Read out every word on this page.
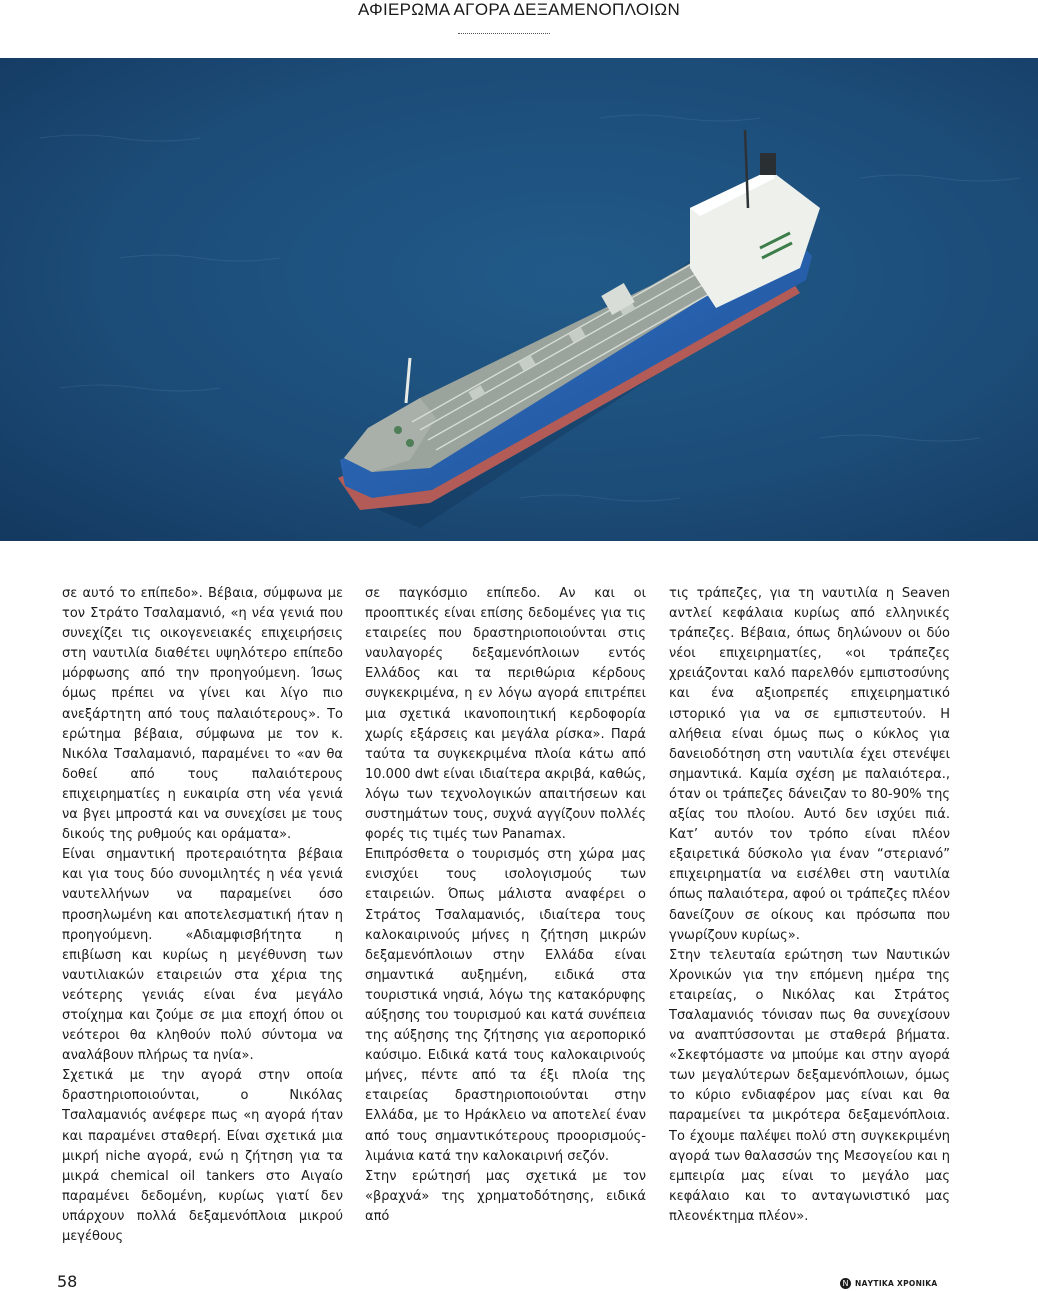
ΑΦΙΕΡΩΜΑ ΑΓΟΡΑ ΔΕΞΑΜΕΝΟΠΛΟΙΩΝ

σε αυτό το επίπεδο». Βέβαια, σύμφωνα με τον Στράτο Τσαλαμανιό, «η νέα γενιά που συνεχίζει τις οικογενειακές επιχειρήσεις στη ναυτιλία διαθέτει υψηλότερο επίπεδο μόρφωσης από την προηγούμενη. Ίσως όμως πρέπει να γίνει και λίγο πιο ανεξάρτητη από τους παλαιότερους». Το ερώτημα βέβαια, σύμφωνα με τον κ. Νικόλα Τσαλαμανιό, παραμένει το «αν θα δοθεί από τους παλαιότερους επιχειρηματίες η ευκαιρία στη νέα γενιά να βγει μπροστά και να συνεχίσει με τους δικούς της ρυθμούς και οράματα».

Είναι σημαντική προτεραιότητα βέβαια και για τους δύο συνομιλητές η νέα γενιά ναυτελλήνων να παραμείνει όσο προσηλωμένη και αποτελεσματική ήταν η προηγούμενη. «Αδιαμφισβήτητα η επιβίωση και κυρίως η μεγέθυνση των ναυτιλιακών εταιρειών στα χέρια της νεότερης γενιάς είναι ένα μεγάλο στοίχημα και ζούμε σε μια εποχή όπου οι νεότεροι θα κληθούν πολύ σύντομα να αναλάβουν πλήρως τα ηνία».

Σχετικά με την αγορά στην οποία δραστηριοποιούνται, ο Νικόλας Τσαλαμανιός ανέφερε πως «η αγορά ήταν και παραμένει σταθερή. Είναι σχετικά μια μικρή niche αγορά, ενώ η ζήτηση για τα μικρά chemical oil tankers στο Αιγαίο παραμένει δεδομένη, κυρίως γιατί δεν υπάρχουν πολλά δεξαμενόπλοια μικρού μεγέθους

σε παγκόσμιο επίπεδο. Αν και οι προοπτικές είναι επίσης δεδομένες για τις εταιρείες που δραστηριοποιούνται στις ναυλαγορές δεξαμενόπλοιων εντός Ελλάδος και τα περιθώρια κέρδους συγκεκριμένα, η εν λόγω αγορά επιτρέπει μια σχετικά ικανοποιητική κερδοφορία χωρίς εξάρσεις και μεγάλα ρίσκα». Παρά ταύτα τα συγκεκριμένα πλοία κάτω από 10.000 dwt είναι ιδιαίτερα ακριβά, καθώς, λόγω των τεχνολογικών απαιτήσεων και συστημάτων τους, συχνά αγγίζουν πολλές φορές τις τιμές των Panamax.

Επιπρόσθετα ο τουρισμός στη χώρα μας ενισχύει τους ισολογισμούς των εταιρειών. Όπως μάλιστα αναφέρει ο Στράτος Τσαλαμανιός, ιδιαίτερα τους καλοκαιρινούς μήνες η ζήτηση μικρών δεξαμενόπλοιων στην Ελλάδα είναι σημαντικά αυξημένη, ειδικά στα τουριστικά νησιά, λόγω της κατακόρυφης αύξησης του τουρισμού και κατά συνέπεια της αύξησης της ζήτησης για αεροπορικό καύσιμο. Ειδικά κατά τους καλοκαιρινούς μήνες, πέντε από τα έξι πλοία της εταιρείας δραστηριοποιούνται στην Ελλάδα, με το Ηράκλειο να αποτελεί έναν από τους σημαντικότερους προορισμούς-λιμάνια κατά την καλοκαιρινή σεζόν.

Στην ερώτησή μας σχετικά με τον «βραχνά» της χρηματοδότησης, ειδικά από

τις τράπεζες, για τη ναυτιλία η Seaven αντλεί κεφάλαια κυρίως από ελληνικές τράπεζες. Βέβαια, όπως δηλώνουν οι δύο νέοι επιχειρηματίες, «οι τράπεζες χρειάζονται καλό παρελθόν εμπιστοσύνης και ένα αξιοπρεπές επιχειρηματικό ιστορικό για να σε εμπιστευτούν. Η αλήθεια είναι όμως πως ο κύκλος για δανειοδότηση στη ναυτιλία έχει στενέψει σημαντικά. Καμία σχέση με παλαιότερα., όταν οι τράπεζες δάνειζαν το 80-90% της αξίας του πλοίου. Αυτό δεν ισχύει πιά. Κατ’ αυτόν τον τρόπο είναι πλέον εξαιρετικά δύσκολο για έναν “στεριανό” επιχειρηματία να εισέλθει στη ναυτιλία όπως παλαιότερα, αφού οι τράπεζες πλέον δανείζουν σε οίκους και πρόσωπα που γνωρίζουν κυρίως».

Στην τελευταία ερώτηση των Ναυτικών Χρονικών για την επόμενη ημέρα της εταιρείας, ο Νικόλας και Στράτος Τσαλαμανιός τόνισαν πως θα συνεχίσουν να αναπτύσσονται με σταθερά βήματα. «Σκεφτόμαστε να μπούμε και στην αγορά των μεγαλύτερων δεξαμενόπλοιων, όμως το κύριο ενδιαφέρον μας είναι και θα παραμείνει τα μικρότερα δεξαμενόπλοια. Το έχουμε παλέψει πολύ στη συγκεκριμένη αγορά των θαλασσών της Μεσογείου και η εμπειρία μας είναι το μεγάλο μας κεφάλαιο και το ανταγωνιστικό μας πλεονέκτημα πλέον».

58	Ν ΝΑΥΤΙΚΑ ΧΡΟΝΙΚΑ
